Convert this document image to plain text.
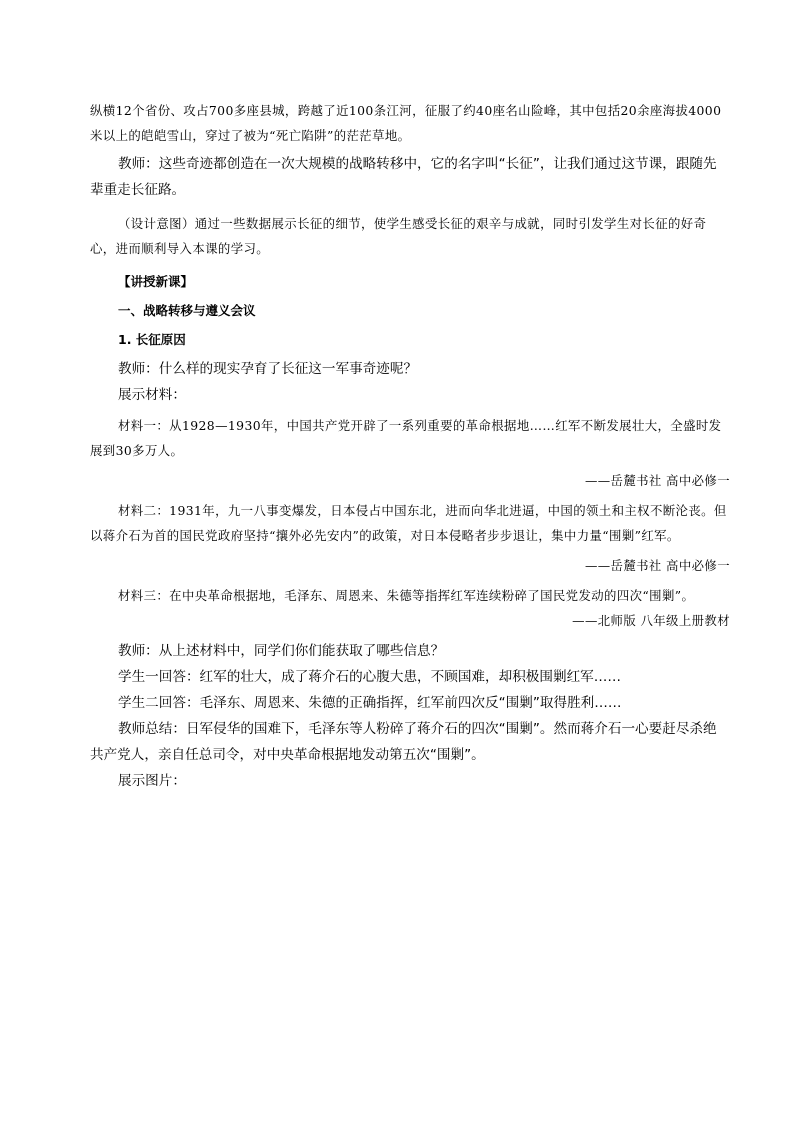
纵横12个省份、攻占700多座县城，跨越了近100条江河，征服了约40座名山险峰，其中包括20余座海拔4000米以上的皑皑雪山，穿过了被为“死亡陷阱”的茫茫草地。

教师：这些奇迹都创造在一次大规模的战略转移中，它的名字叫“长征”，让我们通过这节课，跟随先辈重走长征路。

（设计意图）通过一些数据展示长征的细节，使学生感受长征的艰辛与成就，同时引发学生对长征的好奇心，进而顺利导入本课的学习。

【讲授新课】

一、战略转移与遵义会议

1. 长征原因

教师：什么样的现实孕育了长征这一军事奇迹呢？

展示材料：

材料一：从1928—1930年，中国共产党开辟了一系列重要的革命根据地……红军不断发展壮大，全盛时发展到30多万人。

——岳麓书社 高中必修一

材料二：1931年，九一八事变爆发，日本侵占中国东北，进而向华北进逼，中国的领土和主权不断沦丧。但以蒋介石为首的国民党政府坚持“攘外必先安内”的政策，对日本侵略者步步退让，集中力量“围剿”红军。

——岳麓书社 高中必修一

材料三：在中央革命根据地，毛泽东、周恩来、朱德等指挥红军连续粉碎了国民党发动的四次“围剿”。

——北师版 八年级上册教材

教师：从上述材料中，同学们你们能获取了哪些信息？

学生一回答：红军的壮大，成了蒋介石的心腹大患，不顾国难，却积极围剿红军……

学生二回答：毛泽东、周恩来、朱德的正确指挥，红军前四次反“围剿”取得胜利……

教师总结：日军侵华的国难下，毛泽东等人粉碎了蒋介石的四次“围剿”。然而蒋介石一心要赶尽杀绝共产党人，亲自任总司令，对中央革命根据地发动第五次“围剿”。

展示图片：
